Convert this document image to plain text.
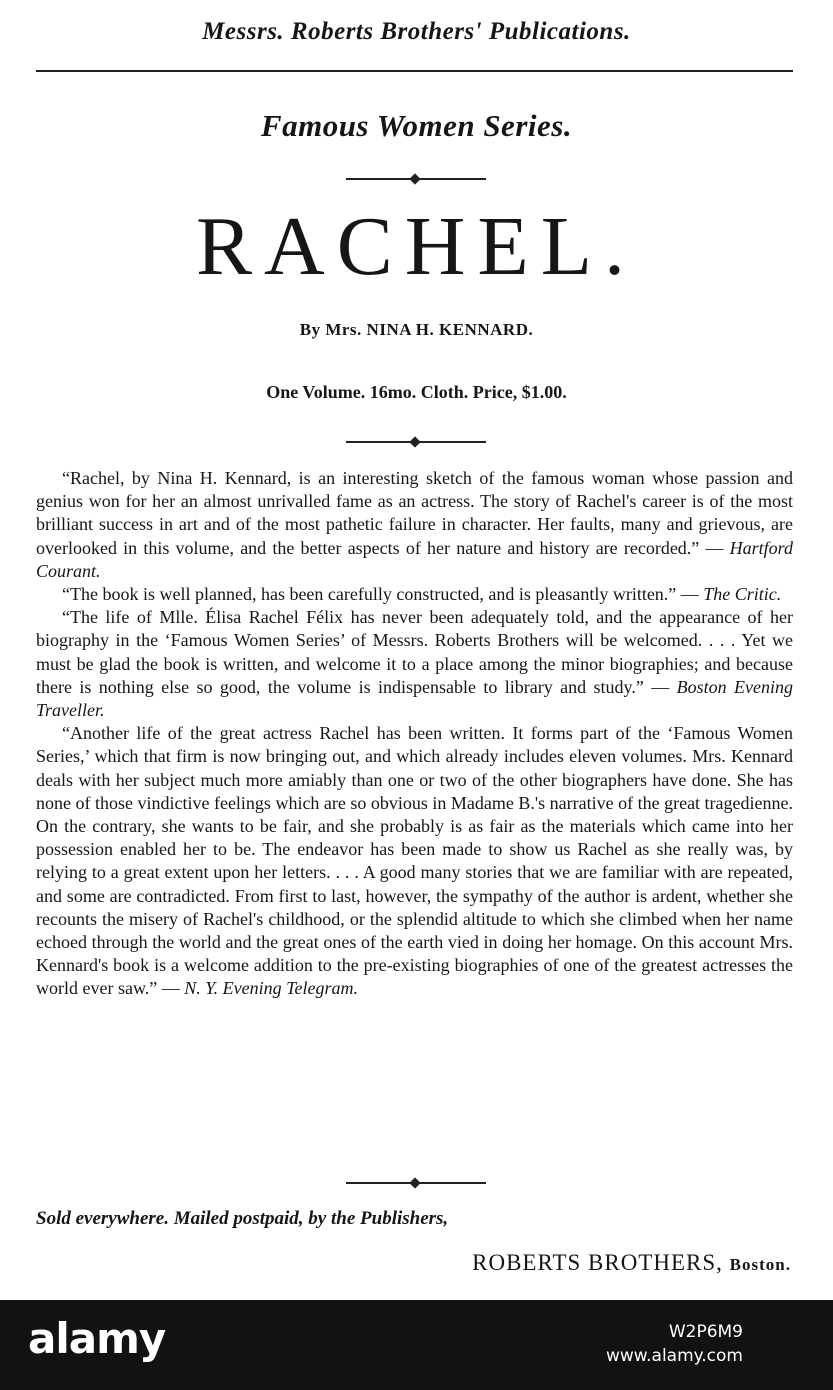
Messrs. Roberts Brothers' Publications.
Famous Women Series.
RACHEL.
By Mrs. NINA H. KENNARD.
One Volume. 16mo. Cloth. Price, $1.00.

“Rachel, by Nina H. Kennard, is an interesting sketch of the famous woman whose passion and genius won for her an almost unrivalled fame as an actress. The story of Rachel's career is of the most brilliant success in art and of the most pathetic failure in character. Her faults, many and grievous, are overlooked in this volume, and the better aspects of her nature and history are recorded.” — Hartford Courant.

“The book is well planned, has been carefully constructed, and is pleasantly written.” — The Critic.

“The life of Mlle. Élisa Rachel Félix has never been adequately told, and the appearance of her biography in the ‘Famous Women Series’ of Messrs. Roberts Brothers will be welcomed. . . . Yet we must be glad the book is written, and welcome it to a place among the minor biographies; and because there is nothing else so good, the volume is indispensable to library and study.” — Boston Evening Traveller.

“Another life of the great actress Rachel has been written. It forms part of the ‘Famous Women Series,’ which that firm is now bringing out, and which already includes eleven volumes. Mrs. Kennard deals with her subject much more amiably than one or two of the other biographers have done. She has none of those vindictive feelings which are so obvious in Madame B.'s narrative of the great tragedienne. On the contrary, she wants to be fair, and she probably is as fair as the materials which came into her possession enabled her to be. The endeavor has been made to show us Rachel as she really was, by relying to a great extent upon her letters. . . . A good many stories that we are familiar with are repeated, and some are contradicted. From first to last, however, the sympathy of the author is ardent, whether she recounts the misery of Rachel's childhood, or the splendid altitude to which she climbed when her name echoed through the world and the great ones of the earth vied in doing her homage. On this account Mrs. Kennard's book is a welcome addition to the pre-existing biographies of one of the greatest actresses the world ever saw.” — N. Y. Evening Telegram.

Sold everywhere. Mailed postpaid, by the Publishers,
ROBERTS BROTHERS, Boston.
alamy	W2P6M9
www.alamy.com
